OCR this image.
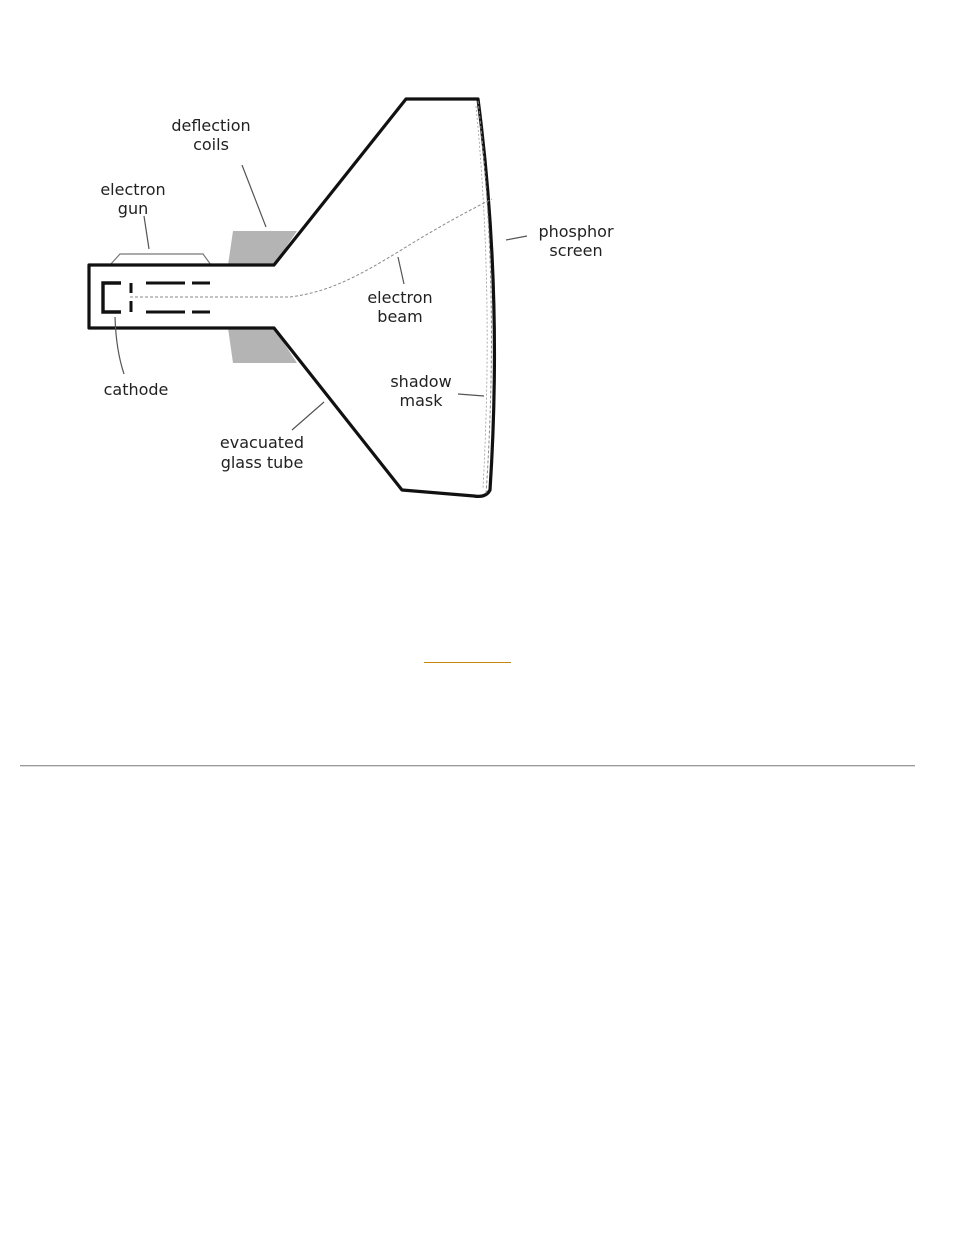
deflection
coils
electron
gun
phosphor
screen
electron
beam
cathode	shadow
mask
evacuated
glass tube
